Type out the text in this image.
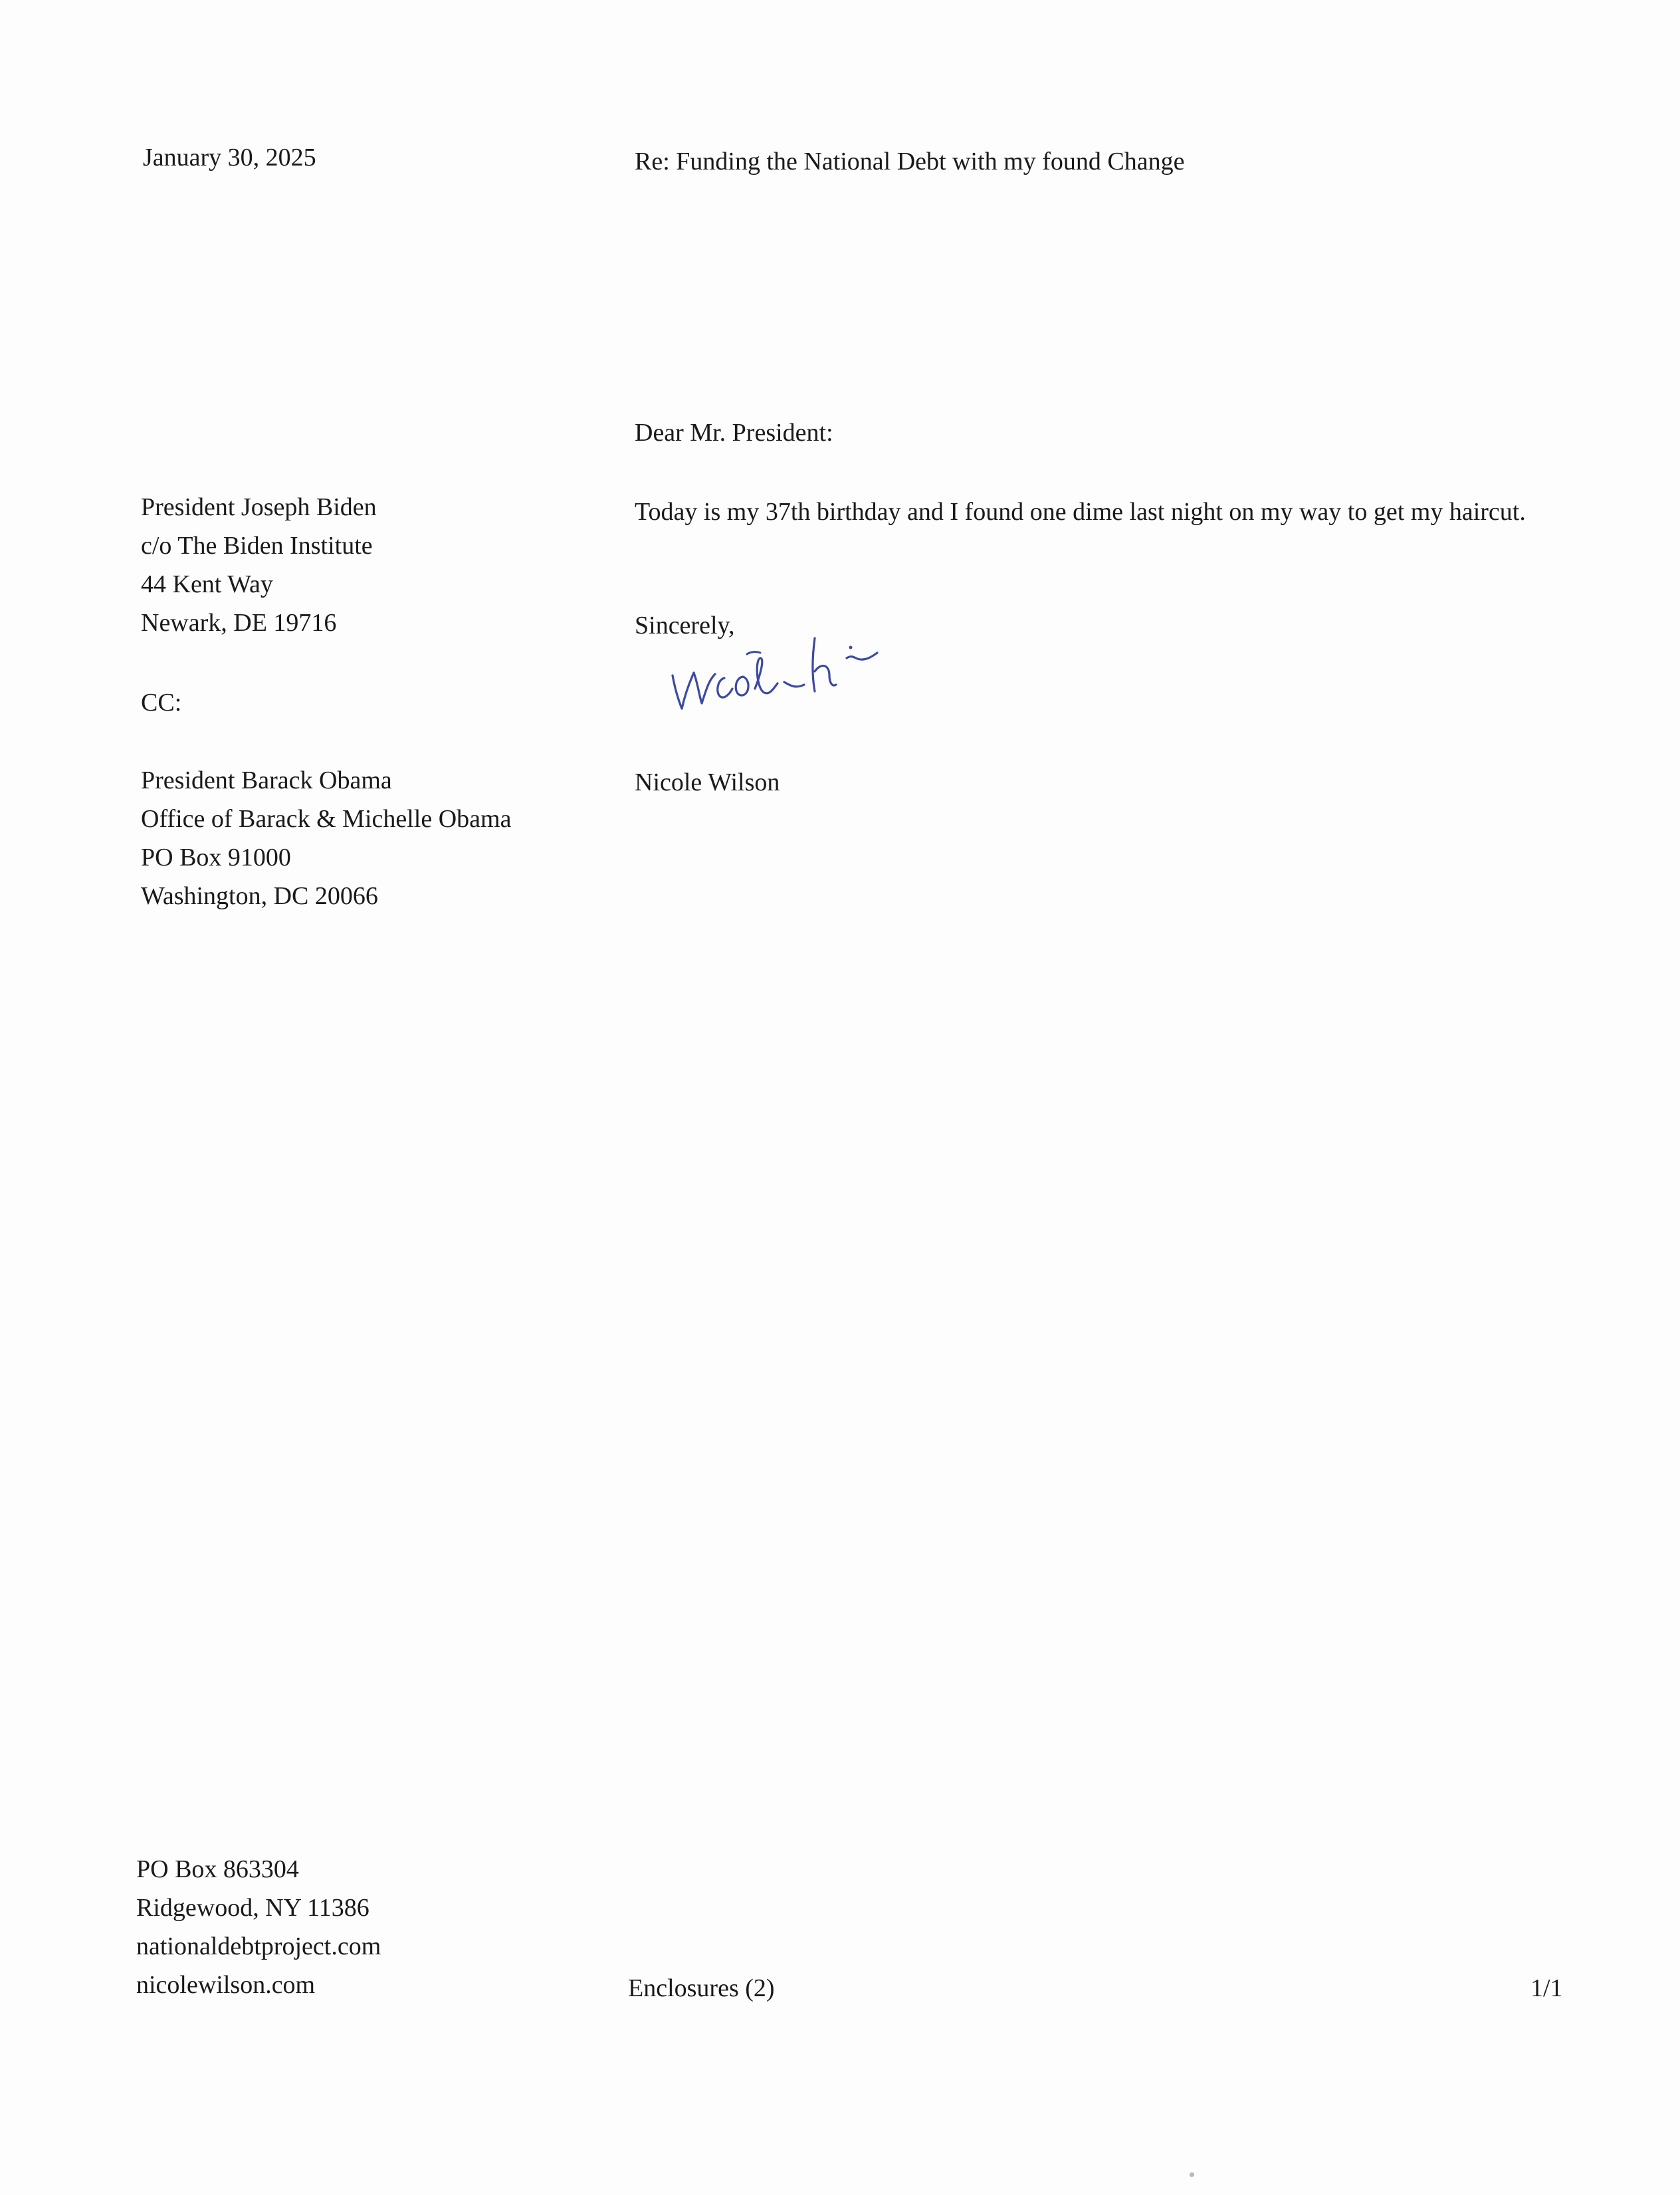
January 30, 2025	Re: Funding the National Debt with my found Change
Dear Mr. President:
President Joseph Biden
c/o The Biden Institute
44 Kent Way
Newark, DE 19716
CC:
President Barack Obama
Office of Barack & Michelle Obama
PO Box 91000
Washington, DC 20066
Today is my 37th birthday and I found one dime last night on my way to get my haircut.
Sincerely,
Nicole Wilson
PO Box 863304
Ridgewood, NY 11386
nationaldebtproject.com
nicolewilson.com	Enclosures (2)	1/1
